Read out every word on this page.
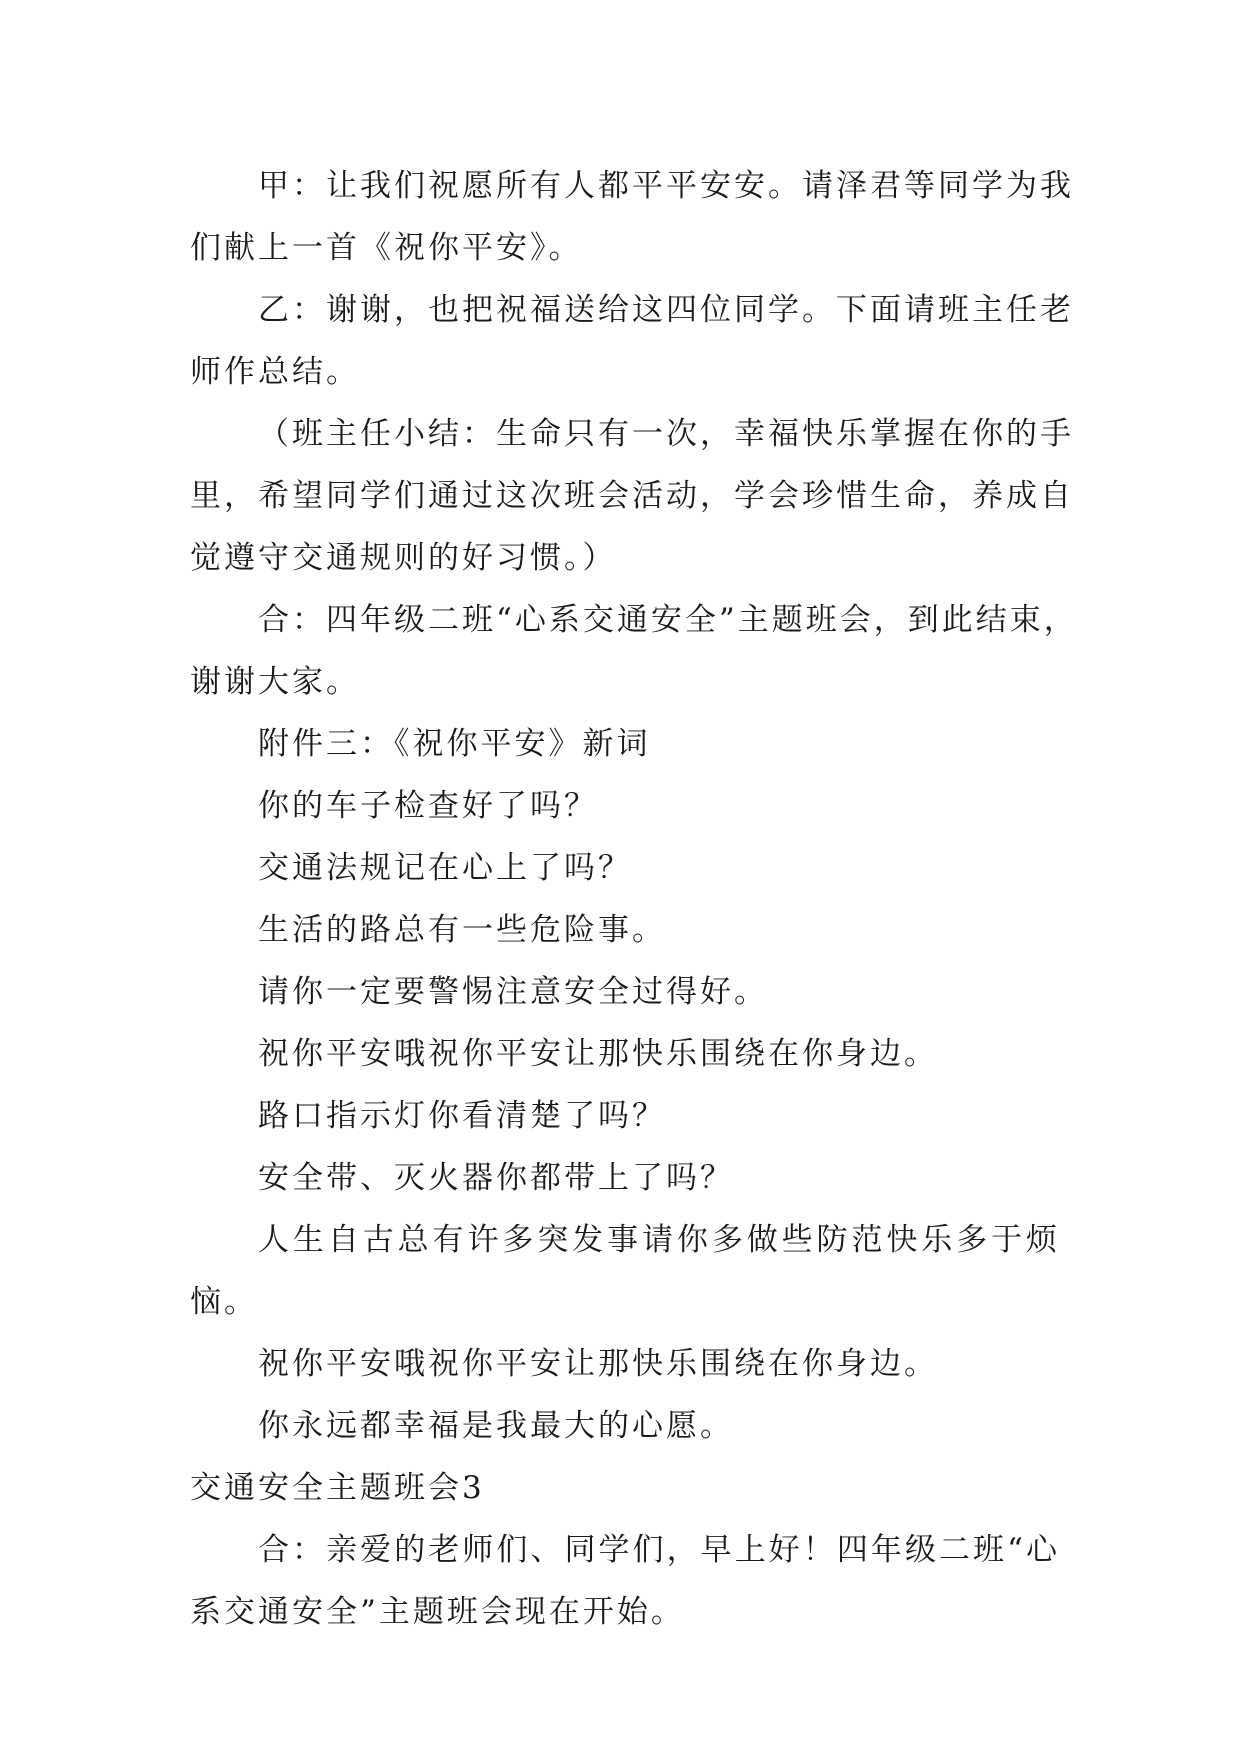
甲：让我们祝愿所有人都平平安安。请泽君等同学为我
们献上一首《祝你平安》。
乙：谢谢，也把祝福送给这四位同学。下面请班主任老
师作总结。
（班主任小结：生命只有一次，幸福快乐掌握在你的手
里，希望同学们通过这次班会活动，学会珍惜生命，养成自
觉遵守交通规则的好习惯。）
合：四年级二班“心系交通安全”主题班会，到此结束，
谢谢大家。
附件三：《祝你平安》新词
你的车子检查好了吗？
交通法规记在心上了吗？
生活的路总有一些危险事。
请你一定要警惕注意安全过得好。
祝你平安哦祝你平安让那快乐围绕在你身边。
路口指示灯你看清楚了吗？
安全带、灭火器你都带上了吗？
人生自古总有许多突发事请你多做些防范快乐多于烦
恼。
祝你平安哦祝你平安让那快乐围绕在你身边。
你永远都幸福是我最大的心愿。
交通安全主题班会3
合：亲爱的老师们、同学们，早上好！四年级二班“心
系交通安全”主题班会现在开始。
